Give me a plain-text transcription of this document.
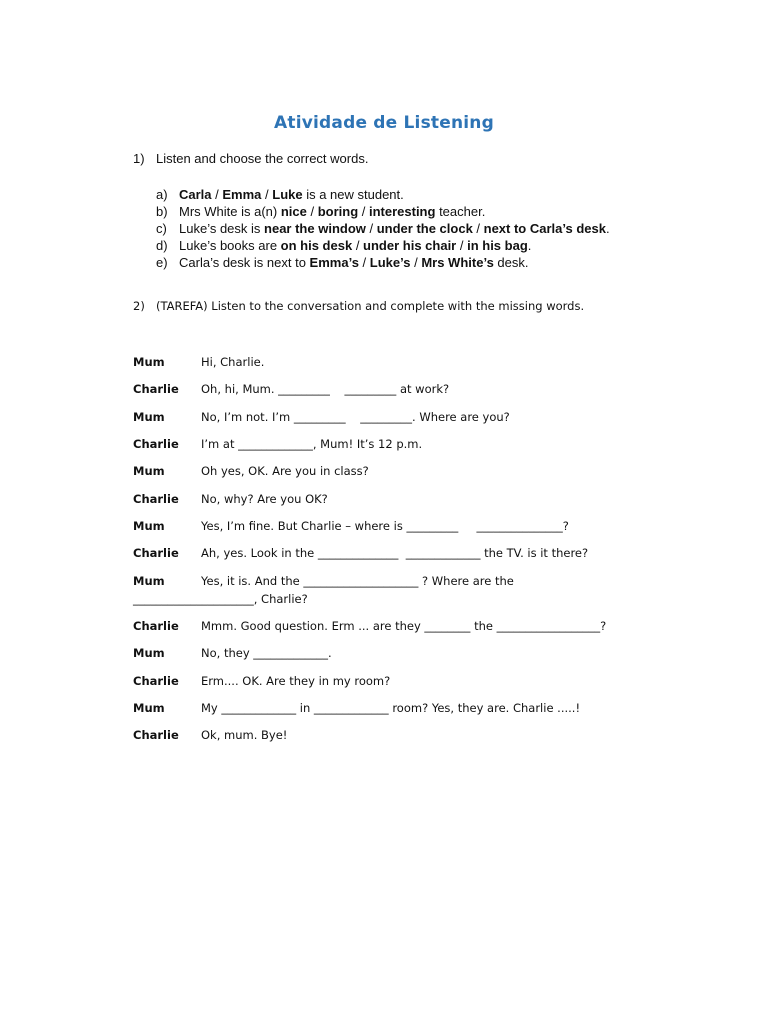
Atividade de Listening
1) Listen and choose the correct words.
a) Carla / Emma / Luke is a new student.
b) Mrs White is a(n) nice / boring / interesting teacher.
c) Luke’s desk is near the window / under the clock / next to Carla’s desk.
d) Luke’s books are on his desk / under his chair / in his bag.
e) Carla’s desk is next to Emma’s / Luke’s / Mrs White’s desk.
2) (TAREFA) Listen to the conversation and complete with the missing words.
Mum	Hi, Charlie.
Charlie Oh, hi, Mum. _________    _________ at work?
Mum	No, I’m not. I’m _________    _________. Where are you?
Charlie I’m at _____________, Mum! It’s 12 p.m.
Mum	Oh yes, OK. Are you in class?
Charlie No, why? Are you OK?
Mum	Yes, I’m fine. But Charlie – where is _________     _______________?
Charlie Ah, yes. Look in the ______________  _____________ the TV. is it there?
Mum	Yes, it is. And the ____________________ ? Where are the
_____________________, Charlie?
Charlie Mmm. Good question. Erm ... are they ________ the __________________?
Mum	No, they _____________.
Charlie Erm.... OK. Are they in my room?
Mum	My _____________ in _____________ room? Yes, they are. Charlie .....!
Charlie Ok, mum. Bye!
